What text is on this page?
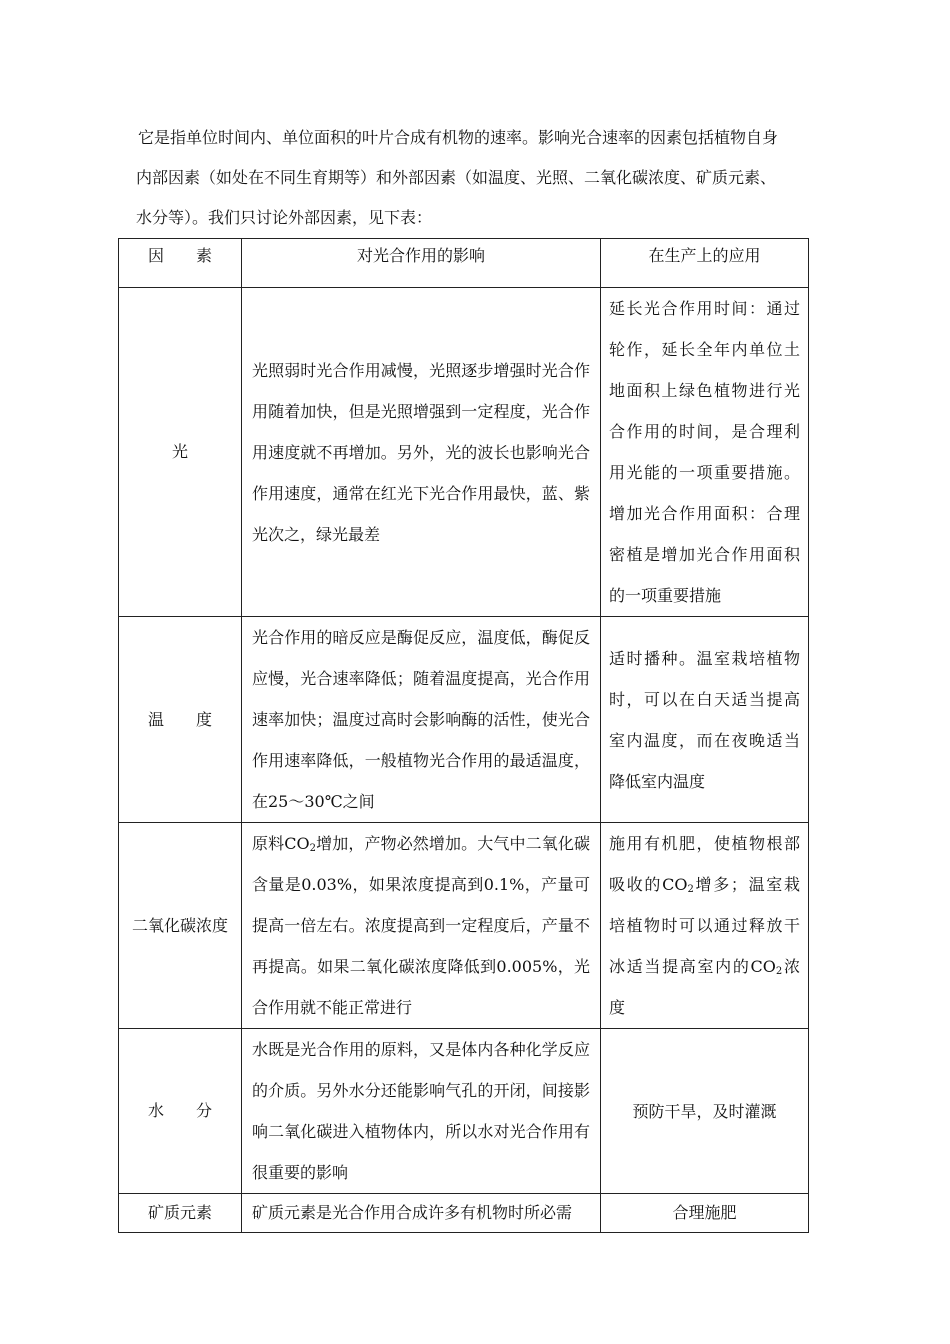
它是指单位时间内、单位面积的叶片合成有机物的速率。影响光合速率的因素包括植物自身

内部因素（如处在不同生育期等）和外部因素（如温度、光照、二氧化碳浓度、矿质元素、

水分等）。我们只讨论外部因素，见下表：

因　　素	对光合作用的影响	在生产上的应用
光	光照弱时光合作用减慢，光照逐步增强时光合作用随着加快，但是光照增强到一定程度，光合作用速度就不再增加。另外，光的波长也影响光合作用速度，通常在红光下光合作用最快，蓝、紫光次之，绿光最差	延长光合作用时间：通过轮作，延长全年内单位土地面积上绿色植物进行光合作用的时间，是合理利用光能的一项重要措施。增加光合作用面积：合理密植是增加光合作用面积的一项重要措施
温　　度	光合作用的暗反应是酶促反应，温度低，酶促反应慢，光合速率降低；随着温度提高，光合作用速率加快；温度过高时会影响酶的活性，使光合作用速率降低，一般植物光合作用的最适温度，在25～30℃之间	适时播种。温室栽培植物时，可以在白天适当提高室内温度，而在夜晚适当降低室内温度
二氧化碳浓度	原料$CO_2$增加，产物必然增加。大气中二氧化碳含量是0.03%，如果浓度提高到0.1%，产量可提高一倍左右。浓度提高到一定程度后，产量不再提高。如果二氧化碳浓度降低到0.005%，光合作用就不能正常进行	施用有机肥，使植物根部吸收的$CO_2$增多；温室栽培植物时可以通过释放干冰适当提高室内的$CO_2$浓度
水　　分	水既是光合作用的原料，又是体内各种化学反应的介质。另外水分还能影响气孔的开闭，间接影响二氧化碳进入植物体内，所以水对光合作用有很重要的影响	预防干旱，及时灌溉
矿质元素	矿质元素是光合作用合成许多有机物时所必需	合理施肥
